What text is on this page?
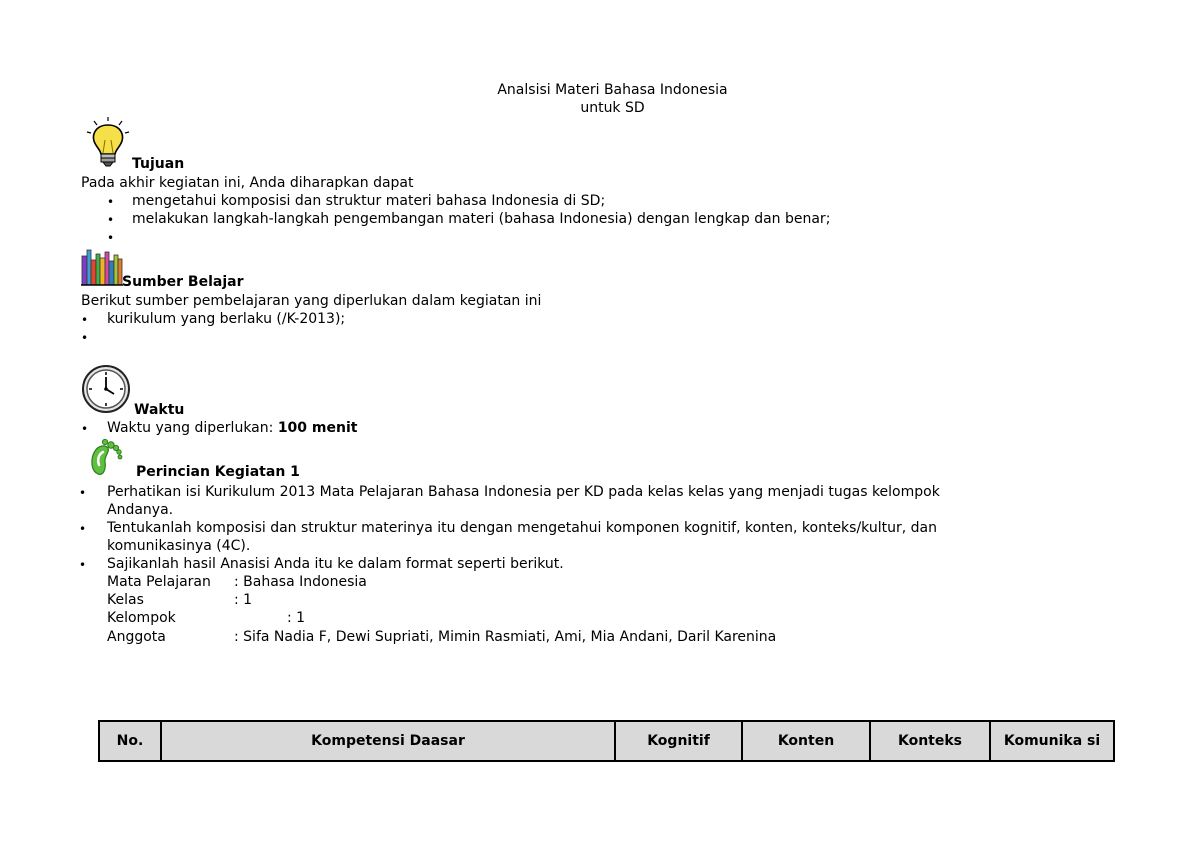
Analsisi Materi Bahasa Indonesia
untuk SD
Tujuan
Pada akhir kegiatan ini, Anda diharapkan dapat
• mengetahui komposisi dan struktur materi bahasa Indonesia di SD;
• melakukan langkah-langkah pengembangan materi (bahasa Indonesia) dengan lengkap dan benar;
•
Sumber Belajar
Berikut sumber pembelajaran yang diperlukan dalam kegiatan ini
• kurikulum yang berlaku (/K-2013);
•
Waktu
• Waktu yang diperlukan: 100 menit
Perincian Kegiatan 1
• Perhatikan isi Kurikulum 2013 Mata Pelajaran Bahasa Indonesia per KD pada kelas kelas yang menjadi tugas kelompok
Andanya.
• Tentukanlah komposisi dan struktur materinya itu dengan mengetahui komponen kognitif, konten, konteks/kultur, dan
komunikasinya (4C).
• Sajikanlah hasil Anasisi Anda itu ke dalam format seperti berikut.
Mata Pelajaran : Bahasa Indonesia
Kelas	: 1
Kelompok	: 1
Anggota	: Sifa Nadia F, Dewi Supriati, Mimin Rasmiati, Ami, Mia Andani, Daril Karenina
No.	Kompetensi Daasar	Kognitif	Konten	Konteks	Komunika si
